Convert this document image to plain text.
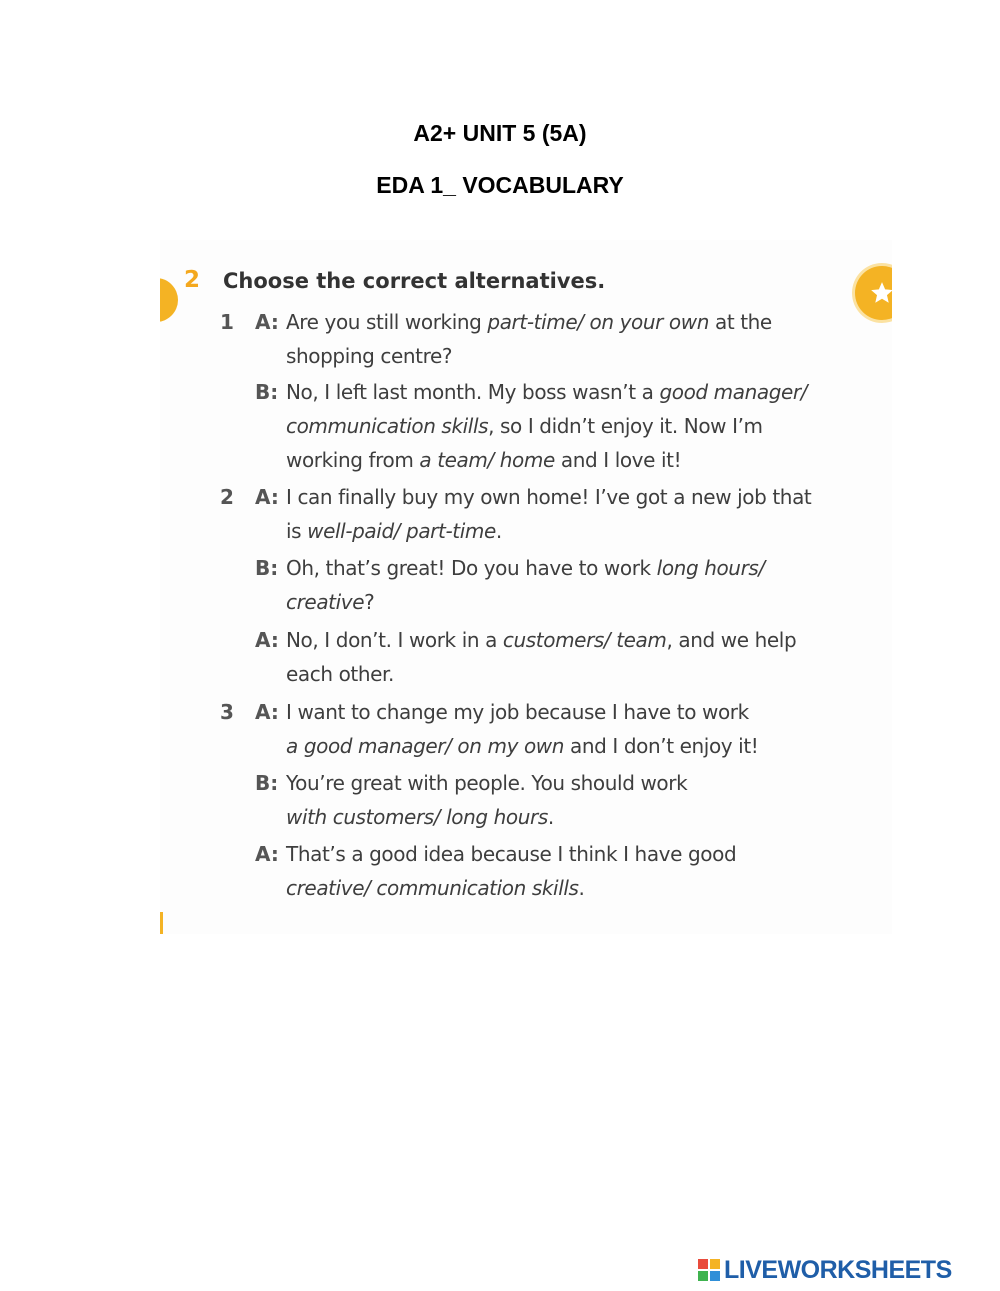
A2+ UNIT 5 (5A)
EDA 1_ VOCABULARY
2 Choose the correct alternatives.
1 A: Are you still working part-time/ on your own at the
shopping centre?
B: No, I left last month. My boss wasn’t a good manager/
communication skills, so I didn’t enjoy it. Now I’m
working from a team/ home and I love it!
2 A: I can finally buy my own home! I’ve got a new job that
is well-paid/ part-time.
B: Oh, that’s great! Do you have to work long hours/
creative?
A: No, I don’t. I work in a customers/ team, and we help
each other.
3 A: I want to change my job because I have to work
a good manager/ on my own and I don’t enjoy it!
B: You’re great with people. You should work
with customers/ long hours.
A: That’s a good idea because I think I have good
creative/ communication skills.
LIVEWORKSHEETS
